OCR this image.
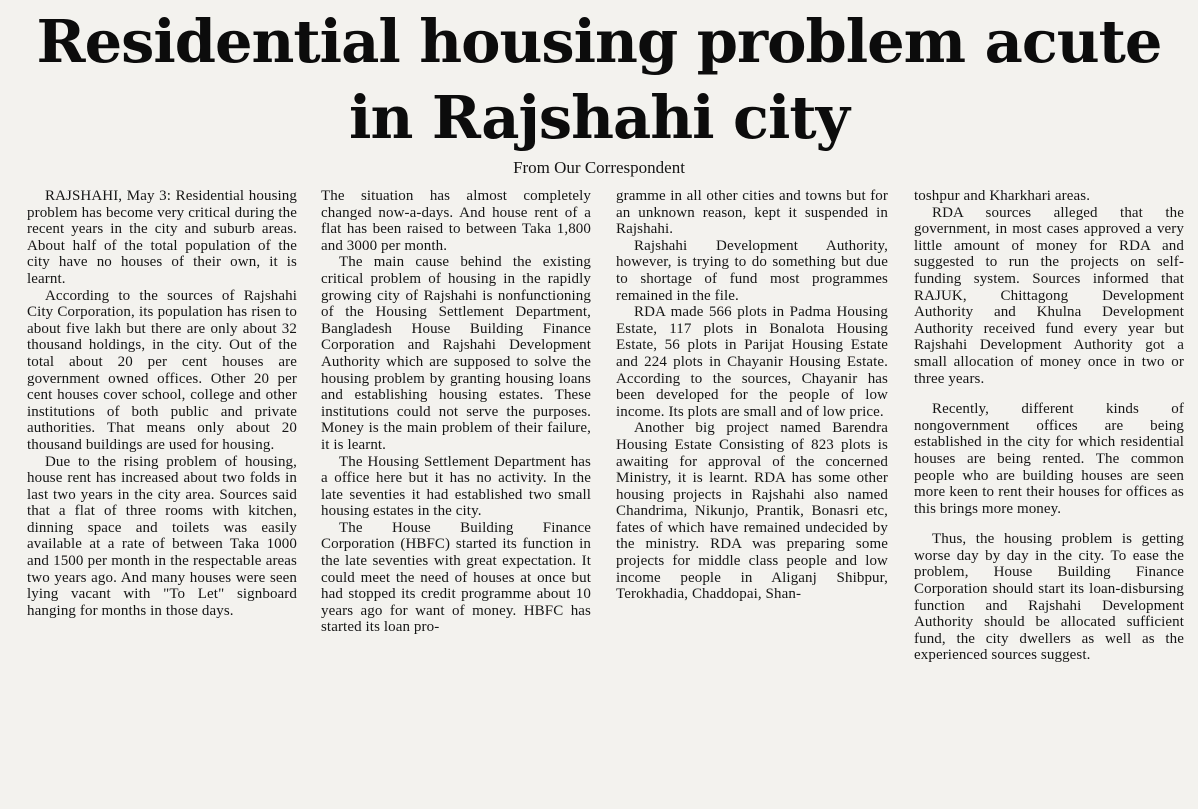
Residential housing problem acute
in Rajshahi city
From Our Correspondent

RAJSHAHI, May 3: Residential housing problem has become very critical during the recent years in the city and suburb areas. About half of the total population of the city have no houses of their own, it is learnt.

According to the sources of Rajshahi City Corporation, its population has risen to about five lakh but there are only about 32 thousand holdings, in the city. Out of the total about 20 per cent houses are government owned offices. Other 20 per cent houses cover school, college and other institutions of both public and private authorities. That means only about 20 thousand buildings are used for housing.

Due to the rising problem of housing, house rent has increased about two folds in last two years in the city area. Sources said that a flat of three rooms with kitchen, dinning space and toilets was easily available at a rate of between Taka 1000 and 1500 per month in the respectable areas two years ago. And many houses were seen lying vacant with "To Let" signboard hanging for months in those days.

The situation has almost completely changed now-a-days. And house rent of a flat has been raised to between Taka 1,800 and 3000 per month.

The main cause behind the existing critical problem of housing in the rapidly growing city of Rajshahi is nonfunctioning of the Housing Settlement Department, Bangladesh House Building Finance Corporation and Rajshahi Development Authority which are supposed to solve the housing problem by granting housing loans and establishing housing estates. These institutions could not serve the purposes. Money is the main problem of their failure, it is learnt.

The Housing Settlement Department has a office here but it has no activity. In the late seventies it had established two small housing estates in the city.

The House Building Finance Corporation (HBFC) started its function in the late seventies with great expectation. It could meet the need of houses at once but had stopped its credit programme about 10 years ago for want of money. HBFC has started its loan pro-

gramme in all other cities and towns but for an unknown reason, kept it suspended in Rajshahi.

Rajshahi Development Authority, however, is trying to do something but due to shortage of fund most programmes remained in the file.

RDA made 566 plots in Padma Housing Estate, 117 plots in Bonalota Housing Estate, 56 plots in Parijat Housing Estate and 224 plots in Chayanir Housing Estate. According to the sources, Chayanir has been developed for the people of low income. Its plots are small and of low price.

Another big project named Barendra Housing Estate Consisting of 823 plots is awaiting for approval of the concerned Ministry, it is learnt. RDA has some other housing projects in Rajshahi also named Chandrima, Nikunjo, Prantik, Bonasri etc, fates of which have remained undecided by the ministry. RDA was preparing some projects for middle class people and low income people in Aliganj Shibpur, Terokhadia, Chaddopai, Shan-

toshpur and Kharkhari areas.

RDA sources alleged that the government, in most cases approved a very little amount of money for RDA and suggested to run the projects on self-funding system. Sources informed that RAJUK, Chittagong Development Authority and Khulna Development Authority received fund every year but Rajshahi Development Authority got a small allocation of money once in two or three years.

Recently, different kinds of nongovernment offices are being established in the city for which residential houses are being rented. The common people who are building houses are seen more keen to rent their houses for offices as this brings more money.

Thus, the housing problem is getting worse day by day in the city. To ease the problem, House Building Finance Corporation should start its loan-disbursing function and Rajshahi Development Authority should be allocated sufficient fund, the city dwellers as well as the experienced sources suggest.
